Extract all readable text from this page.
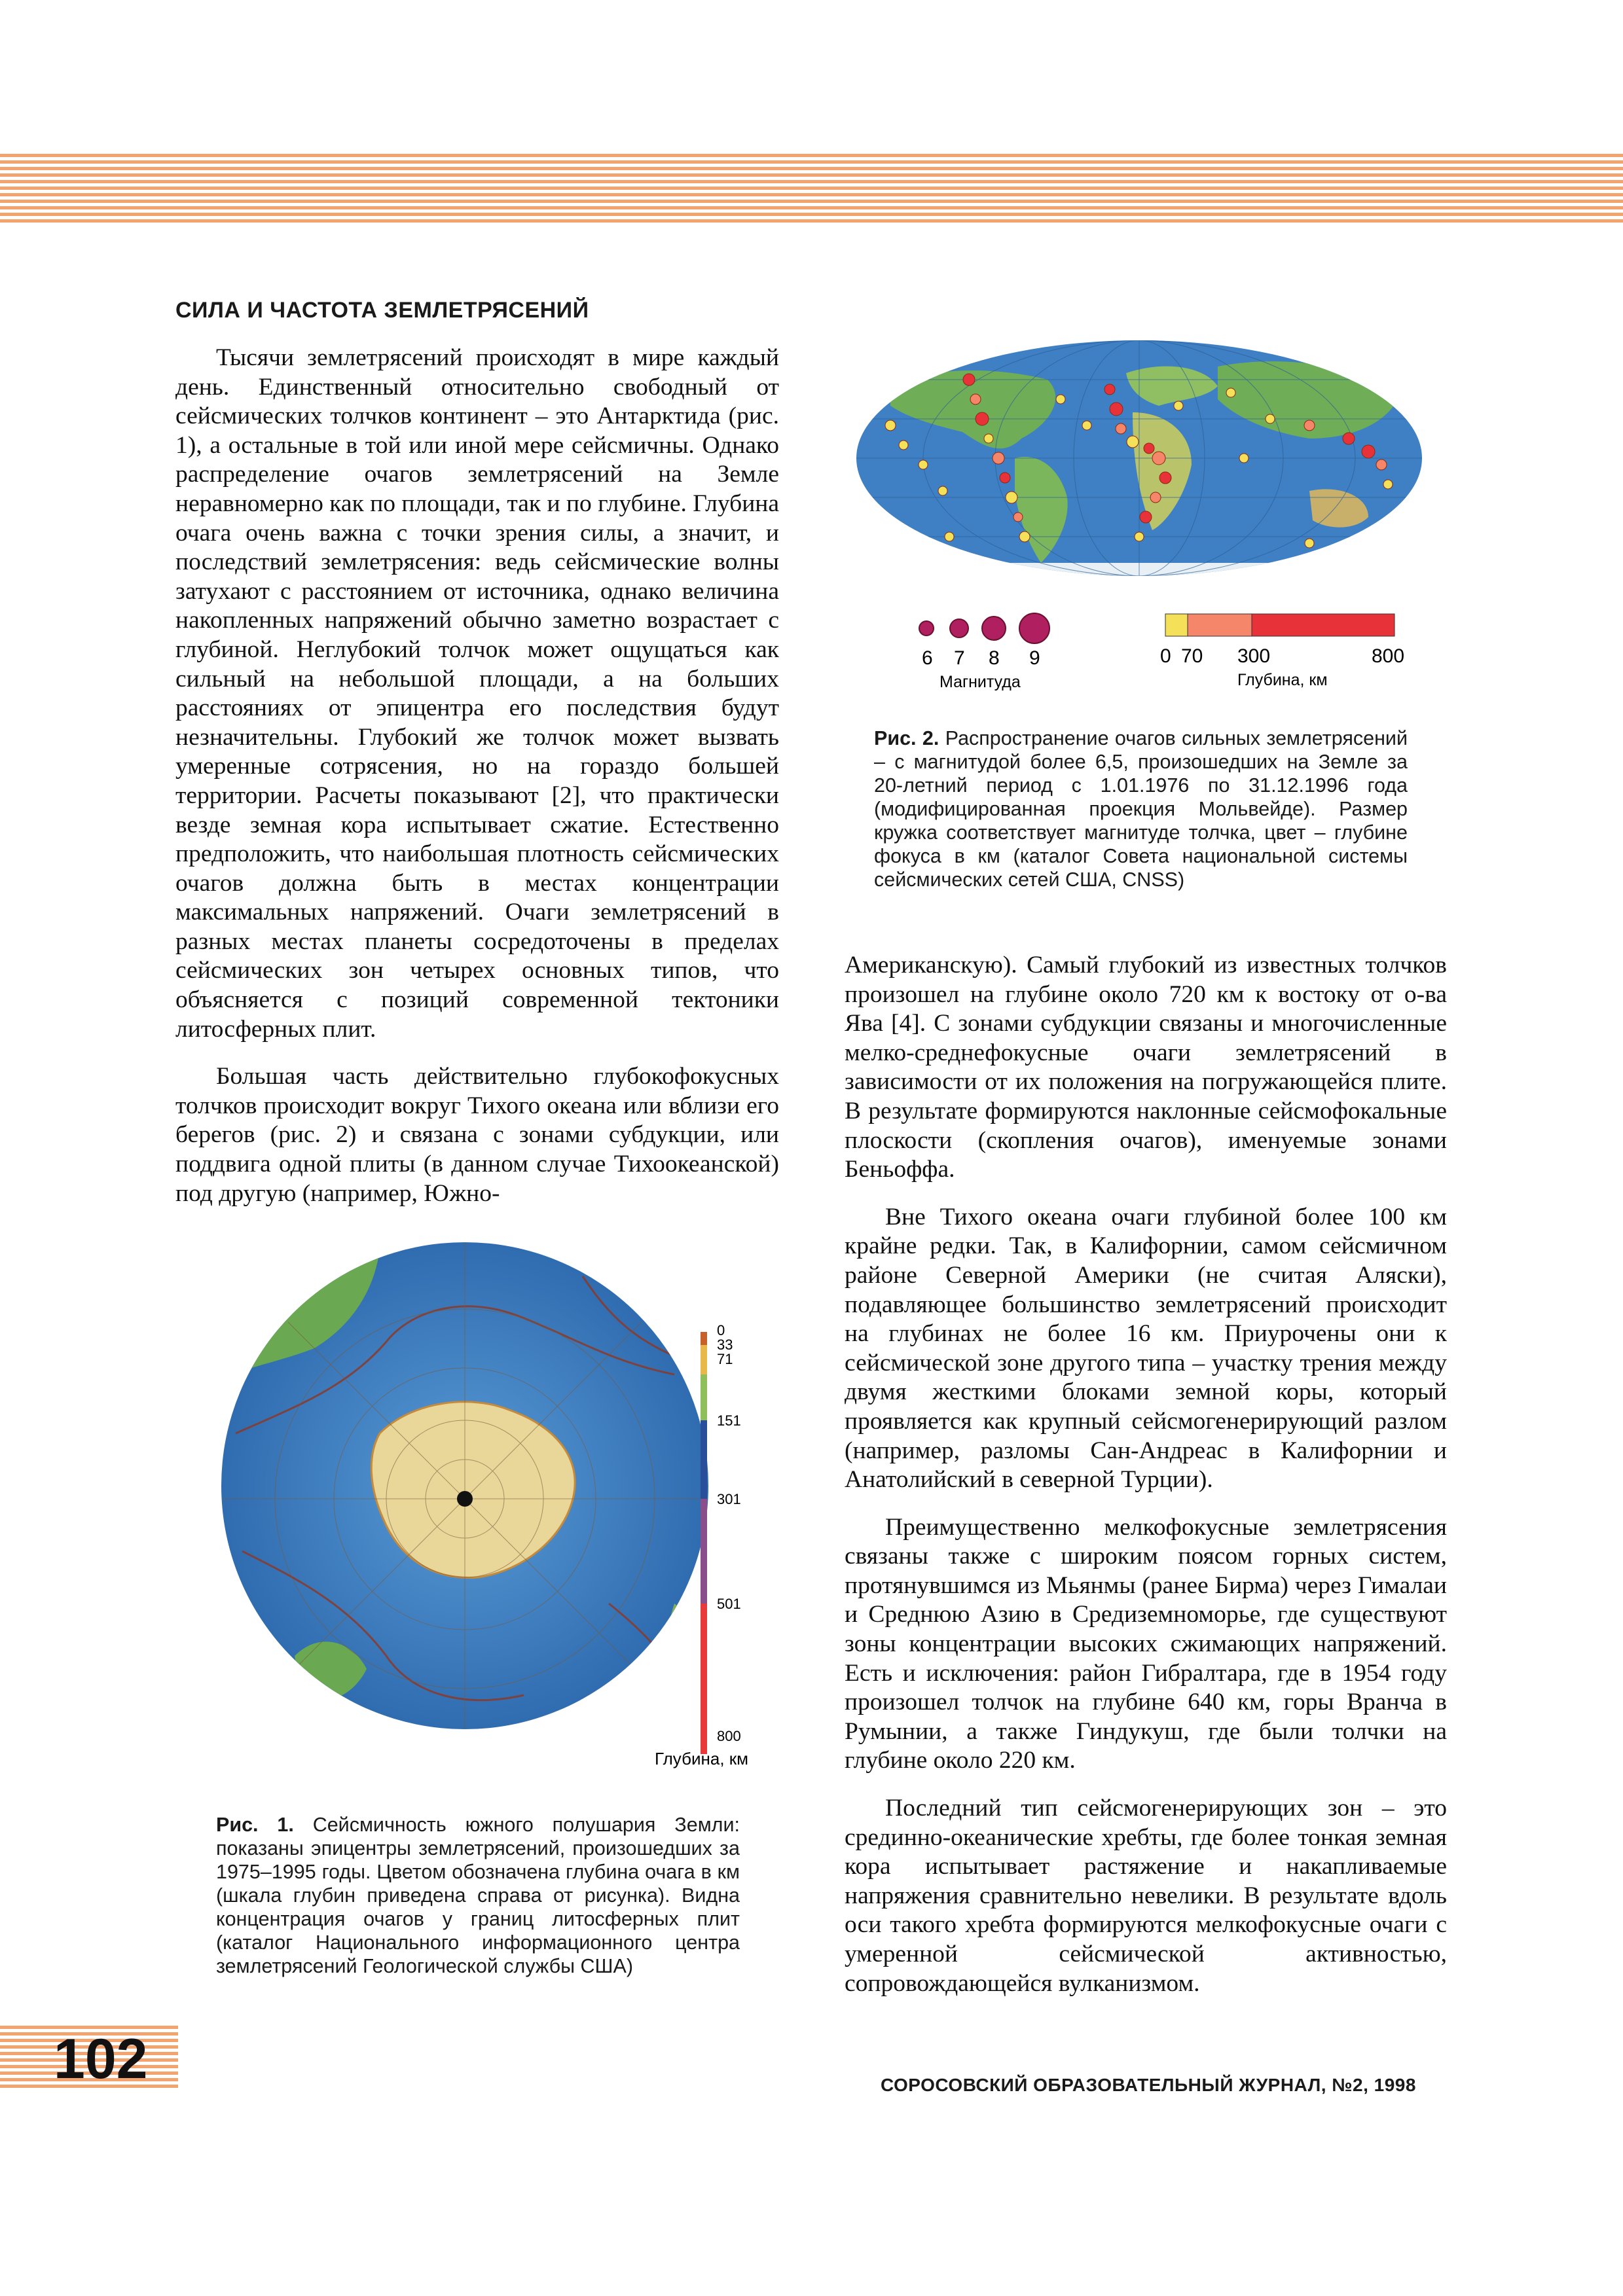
СИЛА И ЧАСТОТА ЗЕМЛЕТРЯСЕНИЙ

Тысячи землетрясений происходят в мире каждый день. Единственный относительно свободный от сейсмических толчков континент – это Антарктида (рис. 1), а остальные в той или иной мере сейсмичны. Однако распределение очагов землетрясений на Земле неравномерно как по площади, так и по глубине. Глубина очага очень важна с точки зрения силы, а значит, и последствий землетрясения: ведь сейсмические волны затухают с расстоянием от источника, однако величина накопленных напряжений обычно заметно возрастает с глубиной. Неглубокий толчок может ощущаться как сильный на небольшой площади, а на больших расстояниях от эпицентра его последствия будут незначительны. Глубокий же толчок может вызвать умеренные сотрясения, но на гораздо большей территории. Расчеты показывают [2], что практически везде земная кора испытывает сжатие. Естественно предположить, что наибольшая плотность сейсмических очагов должна быть в местах концентрации максимальных напряжений. Очаги землетрясений в разных местах планеты сосредоточены в пределах сейсмических зон четырех основных типов, что объясняется с позиций современной тектоники литосферных плит.

Большая часть действительно глубокофокусных толчков происходит вокруг Тихого океана или вблизи его берегов (рис. 2) и связана с зонами субдукции, или поддвига одной плиты (в данном случае Тихоокеанской) под другую (например, Южно-

6 7 8 9
Магнитуда
0 70 300	800
Глубина, км

Рис. 2. Распространение очагов сильных землетрясений – с магнитудой более 6,5, произошедших на Земле за 20-летний период с 1.01.1976 по 31.12.1996 года (модифицированная проекция Мольвейде). Размер кружка соответствует магнитуде толчка, цвет – глубине фокуса в км (каталог Совета национальной системы сейсмических сетей США, CNSS)

Американскую). Самый глубокий из известных толчков произошел на глубине около 720 км к востоку от о-ва Ява [4]. С зонами субдукции связаны и многочисленные мелко-среднефокусные очаги землетрясений в зависимости от их положения на погружающейся плите. В результате формируются наклонные сейсмофокальные плоскости (скопления очагов), именуемые зонами Беньоффа.

Вне Тихого океана очаги глубиной более 100 км крайне редки. Так, в Калифорнии, самом сейсмичном районе Северной Америки (не считая Аляски), подавляющее большинство землетрясений происходит на глубинах не более 16 км. Приурочены они к сейсмической зоне другого типа – участку трения между двумя жесткими блоками земной коры, который проявляется как крупный сейсмогенерирующий разлом (например, разломы Сан-Андреас в Калифорнии и Анатолийский в северной Турции).

Преимущественно мелкофокусные землетрясения связаны также с широким поясом горных систем, протянувшимся из Мьянмы (ранее Бирма) через Гималаи и Среднюю Азию в Средиземноморье, где существуют зоны концентрации высоких сжимающих напряжений. Есть и исключения: район Гибралтара, где в 1954 году произошел толчок на глубине 640 км, горы Вранча в Румынии, а также Гиндукуш, где были толчки на глубине около 220 км.

Последний тип сейсмогенерирующих зон – это срединно-океанические хребты, где более тонкая земная кора испытывает растяжение и накапливаемые напряжения сравнительно невелики. В результате вдоль оси такого хребта формируются мелкофокусные очаги с умеренной сейсмической активностью, сопровождающейся вулканизмом.

0
33
71
151
301
501
800
Глубина, км

Рис. 1. Сейсмичность южного полушария Земли: показаны эпицентры землетрясений, произошедших за 1975–1995 годы. Цветом обозначена глубина очага в км (шкала глубин приведена справа от рисунка). Видна концентрация очагов у границ литосферных плит (каталог Национального информационного центра землетрясений Геологической службы США)

102	СОРОСОВСКИЙ ОБРАЗОВАТЕЛЬНЫЙ ЖУРНАЛ, №2, 1998
